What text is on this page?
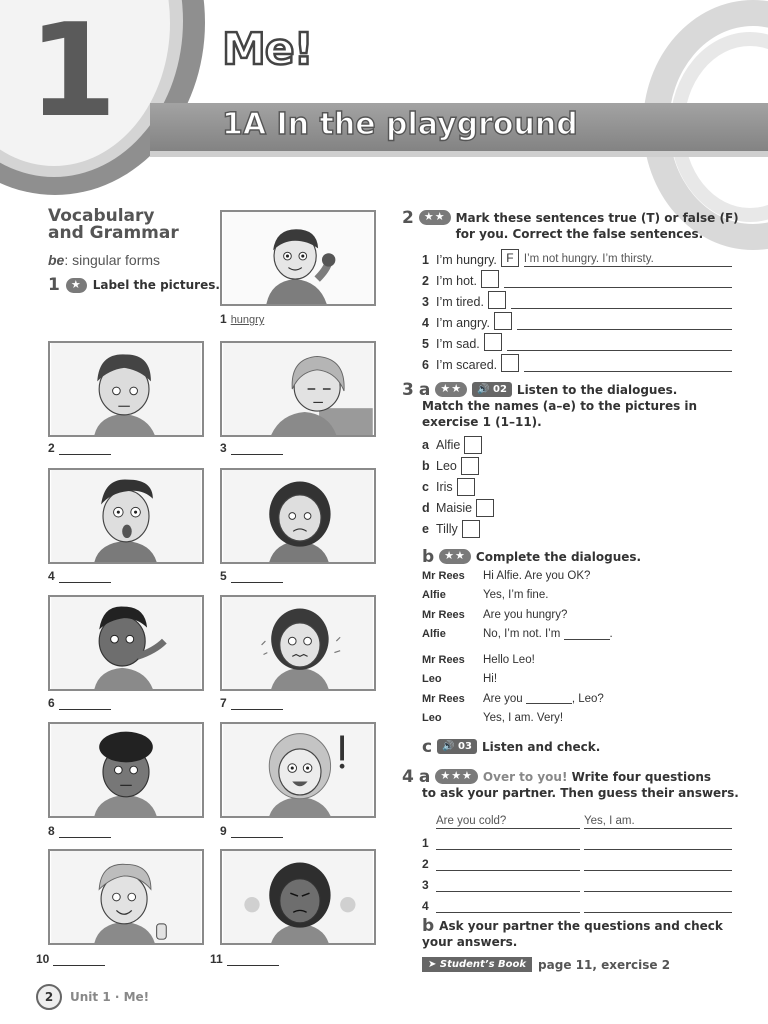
1 Me!
1A In the playground
Vocabulary
and Grammar
be: singular forms
1	★ Label the pictures.
1 hungry
2	3
4	5
6	7
8	9
10	11
2 ★★ Mark these sentences true (T) or false (F)
for you. Correct the false sentences.
1 I’m hungry. F I’m not hungry. I’m thirsty.
2 I’m hot.
3 I’m tired.
4 I’m angry.
5 I’m sad.
6 I’m scared.
3 a ★★	🔊 02 Listen to the dialogues.
Match the names (a–e) to the pictures in
exercise 1 (1–11).
a Alfie
b Leo
c Iris
d Maisie
e Tilly
b ★★ Complete the dialogues.
Mr Rees	Hi Alfie. Are you OK?
Alfie	Yes, I’m fine.
Mr Rees	Are you hungry?
Alfie	No, I’m not. I’m
	.
Mr Rees	Hello Leo!
Leo	Hi!
Mr Rees	Are you
	, Leo?
Leo	Yes, I am. Very!
c	🔊 03 Listen and check.
4 a ★★★ Over to you! Write four questions
to ask your partner. Then guess their answers.
Are you cold?	Yes, I am.
1
2
3
4
b Ask your partner the questions and check
your answers.
➤ Student’s Book	page 11, exercise 2
2	Unit 1 · Me!
